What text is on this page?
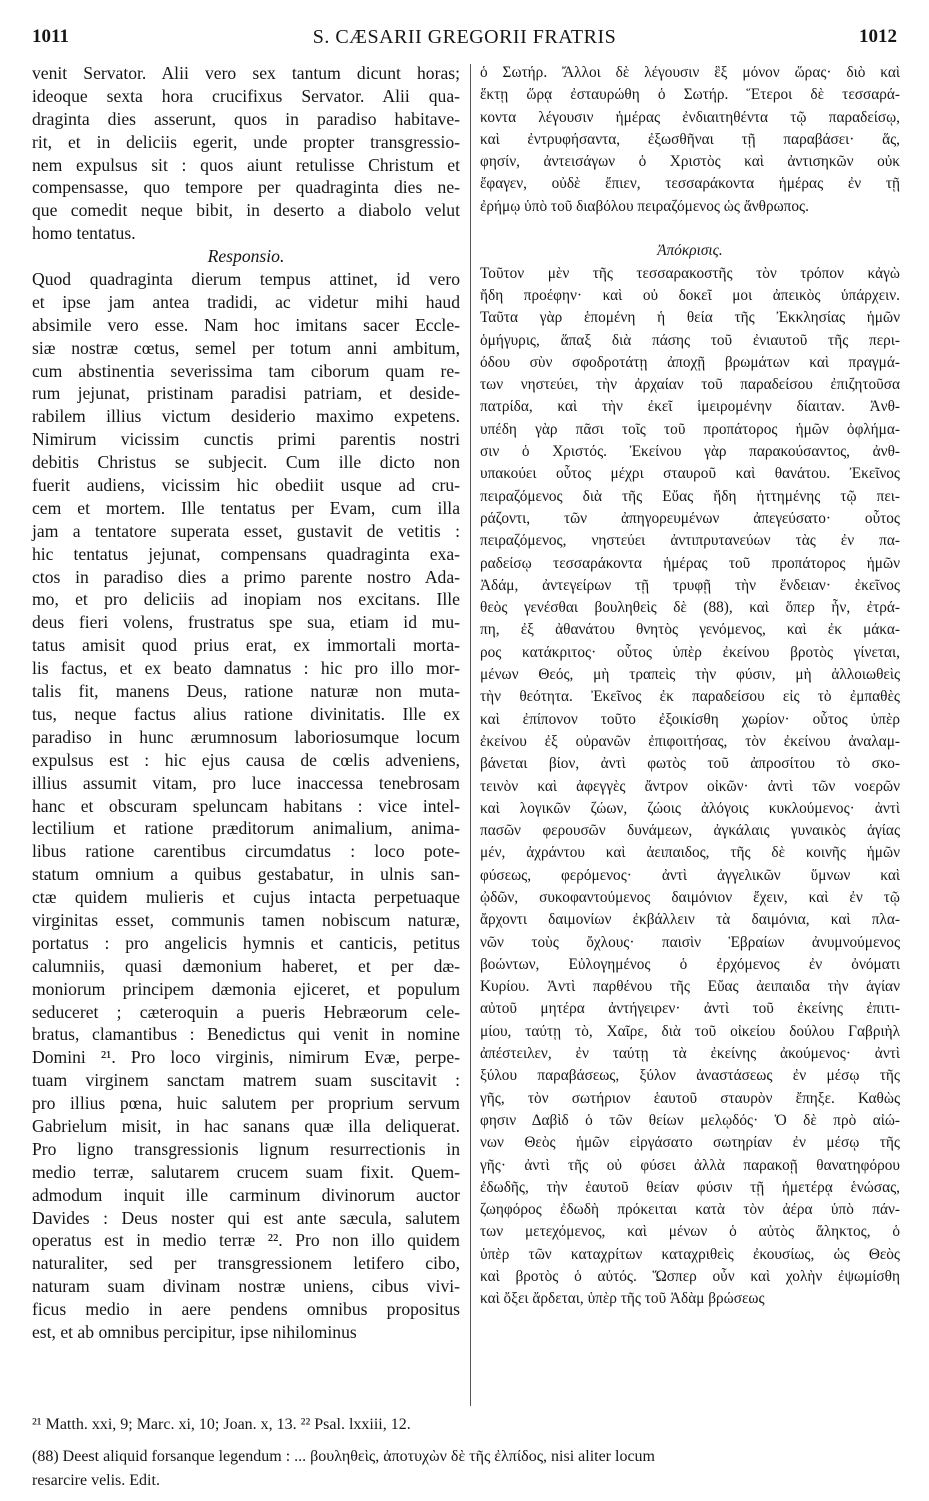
1011	S. CÆSARII GREGORII FRATRIS	1012
venit Servator. Alii vero sex tantum dicunt horas;
ideoque sexta hora crucifixus Servator. Alii qua-
draginta dies asserunt, quos in paradiso habitave-
rit, et in deliciis egerit, unde propter transgressio-
nem expulsus sit : quos aiunt retulisse Christum et
compensasse, quo tempore per quadraginta dies ne-
que comedit neque bibit, in deserto a diabolo velut
homo tentatus.
Responsio.
Quod quadraginta dierum tempus attinet, id vero
et ipse jam antea tradidi, ac videtur mihi haud
absimile vero esse. Nam hoc imitans sacer Eccle-
siæ nostræ cœtus, semel per totum anni ambitum,
cum abstinentia severissima tam ciborum quam re-
rum jejunat, pristinam paradisi patriam, et deside-
rabilem illius victum desiderio maximo expetens.
Nimirum vicissim cunctis primi parentis nostri
debitis Christus se subjecit. Cum ille dicto non
fuerit audiens, vicissim hic obediit usque ad cru-
cem et mortem. Ille tentatus per Evam, cum illa
jam a tentatore superata esset, gustavit de vetitis :
hic tentatus jejunat, compensans quadraginta exa-
ctos in paradiso dies a primo parente nostro Ada-
mo, et pro deliciis ad inopiam nos excitans. Ille
deus fieri volens, frustratus spe sua, etiam id mu-
tatus amisit quod prius erat, ex immortali morta-
lis factus, et ex beato damnatus : hic pro illo mor-
talis fit, manens Deus, ratione naturæ non muta-
tus, neque factus alius ratione divinitatis. Ille ex
paradiso in hunc ærumnosum laboriosumque locum
expulsus est : hic ejus causa de cœlis adveniens,
illius assumit vitam, pro luce inaccessa tenebrosam
hanc et obscuram speluncam habitans : vice intel-
lectilium et ratione præditorum animalium, anima-
libus ratione carentibus circumdatus : loco pote-
statum omnium a quibus gestabatur, in ulnis san-
ctæ quidem mulieris et cujus intacta perpetuaque
virginitas esset, communis tamen nobiscum naturæ,
portatus : pro angelicis hymnis et canticis, petitus
calumniis, quasi dæmonium haberet, et per dæ-
moniorum principem dæmonia ejiceret, et populum
seduceret ; cæteroquin a pueris Hebræorum cele-
bratus, clamantibus : Benedictus qui venit in nomine
Domini ²¹. Pro loco virginis, nimirum Evæ, perpe-
tuam virginem sanctam matrem suam suscitavit :
pro illius pœna, huic salutem per proprium servum
Gabrielum misit, in hac sanans quæ illa deliquerat.
Pro ligno transgressionis lignum resurrectionis in
medio terræ, salutarem crucem suam fixit. Quem-
admodum inquit ille carminum divinorum auctor
Davides : Deus noster qui est ante sæcula, salutem
operatus est in medio terræ ²². Pro non illo quidem
naturaliter, sed per transgressionem letifero cibo,
naturam suam divinam nostræ uniens, cibus vivi-
ficus medio in aere pendens omnibus propositus
est, et ab omnibus percipitur, ipse nihilominus
ὁ Σωτήρ. Ἄλλοι δὲ λέγουσιν ἓξ μόνον ὥρας· διὸ καὶ
ἕκτῃ ὥρᾳ ἐσταυρώθη ὁ Σωτήρ. Ἕτεροι δὲ τεσσαρά-
κοντα λέγουσιν ἡμέρας ἐνδιαιτηθέντα τῷ παραδείσῳ,
καὶ ἐντρυφήσαντα, ἐξωσθῆναι τῇ παραβάσει· ἅς,
φησίν, ἀντεισάγων ὁ Χριστὸς καὶ ἀντισηκῶν οὐκ
ἔφαγεν, οὐδὲ ἔπιεν, τεσσαράκοντα ἡμέρας ἐν τῇ
ἐρήμῳ ὑπὸ τοῦ διαβόλου πειραζόμενος ὡς ἄνθρωπος.
Ἀπόκρισις.
Τοῦτον μὲν τῆς τεσσαρακοστῆς τὸν τρόπον κἀγὼ
ἤδη προέφην· καὶ οὐ δοκεῖ μοι ἀπεικὸς ὑπάρχειν.
Ταῦτα γὰρ ἑπομένη ἡ θεία τῆς Ἐκκλησίας ἡμῶν
ὁμήγυρις, ἅπαξ διὰ πάσης τοῦ ἐνιαυτοῦ τῆς περι-
όδου σὺν σφοδροτάτῃ ἀποχῇ βρωμάτων καὶ πραγμά-
των νηστεύει, τὴν ἀρχαίαν τοῦ παραδείσου ἐπιζητοῦσα
πατρίδα, καὶ τὴν ἐκεῖ ἱμειρομένην δίαιταν. Ἀνθ-
υπέδη γὰρ πᾶσι τοῖς τοῦ προπάτορος ἡμῶν ὀφλήμα-
σιν ὁ Χριστός. Ἐκείνου γὰρ παρακούσαντος, ἀνθ-
υπακούει οὗτος μέχρι σταυροῦ καὶ θανάτου. Ἐκεῖνος
πειραζόμενος διὰ τῆς Εὔας ἤδη ἡττημένης τῷ πει-
ράζοντι, τῶν ἀπηγορευμένων ἀπεγεύσατο· οὗτος
πειραζόμενος, νηστεύει ἀντιπρυτανεύων τὰς ἐν πα-
ραδείσῳ τεσσαράκοντα ἡμέρας τοῦ προπάτορος ἡμῶν
Ἀδάμ, ἀντεγείρων τῇ τρυφῇ τὴν ἔνδειαν· ἐκεῖνος
θεὸς γενέσθαι βουληθεὶς δὲ (88), καὶ ὅπερ ἦν, ἐτρά-
πη, ἐξ ἀθανάτου θνητὸς γενόμενος, καὶ ἐκ μάκα-
ρος κατάκριτος· οὗτος ὑπὲρ ἐκείνου βροτὸς γίνεται,
μένων Θεός, μὴ τραπεὶς τὴν φύσιν, μὴ ἀλλοιωθεὶς
τὴν θεότητα. Ἐκεῖνος ἐκ παραδείσου εἰς τὸ ἐμπαθὲς
καὶ ἐπίπονον τοῦτο ἐξοικίσθη χωρίον· οὗτος ὑπὲρ
ἐκείνου ἐξ οὐρανῶν ἐπιφοιτήσας, τὸν ἐκείνου ἀναλαμ-
βάνεται βίον, ἀντὶ φωτὸς τοῦ ἀπροσίτου τὸ σκο-
τεινὸν καὶ ἀφεγγὲς ἄντρον οἰκῶν· ἀντὶ τῶν νοερῶν
καὶ λογικῶν ζώων, ζώοις ἀλόγοις κυκλούμενος· ἀντὶ
πασῶν φερουσῶν δυνάμεων, ἀγκάλαις γυναικὸς ἁγίας
μέν, ἀχράντου καὶ ἀειπαιδος, τῆς δὲ κοινῆς ἡμῶν
φύσεως, φερόμενος· ἀντὶ ἀγγελικῶν ὕμνων καὶ
ᾠδῶν, συκοφαντούμενος δαιμόνιον ἔχειν, καὶ ἐν τῷ
ἄρχοντι δαιμονίων ἐκβάλλειν τὰ δαιμόνια, καὶ πλα-
νῶν τοὺς ὄχλους· παισὶν Ἑβραίων ἀνυμνούμενος
βοώντων, Εὐλογημένος ὁ ἐρχόμενος ἐν ὀνόματι
Κυρίου. Ἀντὶ παρθένου τῆς Εὔας ἀειπαιδα τὴν ἁγίαν
αὐτοῦ μητέρα ἀντήγειρεν· ἀντὶ τοῦ ἐκείνης ἐπιτι-
μίου, ταύτῃ τὸ, Χαῖρε, διὰ τοῦ οἰκείου δούλου Γαβριὴλ
ἀπέστειλεν, ἐν ταύτῃ τὰ ἐκείνης ἀκούμενος· ἀντὶ
ξύλου παραβάσεως, ξύλον ἀναστάσεως ἐν μέσῳ τῆς
γῆς, τὸν σωτήριον ἑαυτοῦ σταυρὸν ἔπηξε. Καθὼς
φησιν Δαβὶδ ὁ τῶν θείων μελῳδός· Ὁ δὲ πρὸ αἰώ-
νων Θεὸς ἡμῶν εἰργάσατο σωτηρίαν ἐν μέσῳ τῆς
γῆς· ἀντὶ τῆς οὐ φύσει ἀλλὰ παρακοῇ θανατηφόρου
ἐδωδῆς, τὴν ἑαυτοῦ θείαν φύσιν τῇ ἡμετέρᾳ ἑνώσας,
ζωηφόρος ἐδωδὴ πρόκειται κατὰ τὸν ἀέρα ὑπὸ πάν-
των μετεχόμενος, καὶ μένων ὁ αὐτὸς ἄληκτος, ὁ
ὑπὲρ τῶν καταχρίτων καταχριθεὶς ἐκουσίως, ὡς Θεὸς
καὶ βροτὸς ὁ αὐτός. Ὥσπερ οὖν καὶ χολὴν ἐψωμίσθη
καὶ ὄξει ἄρδεται, ὑπὲρ τῆς τοῦ Ἀδὰμ βρώσεως
²¹ Matth. xxi, 9; Marc. xi, 10; Joan. x, 13. ²² Psal. lxxiii, 12.
(88) Deest aliquid forsanque legendum : ... βουληθεὶς, ἀποτυχὼν δὲ τῆς ἐλπίδος, nisi aliter locum
resarcire velis. Edit.
